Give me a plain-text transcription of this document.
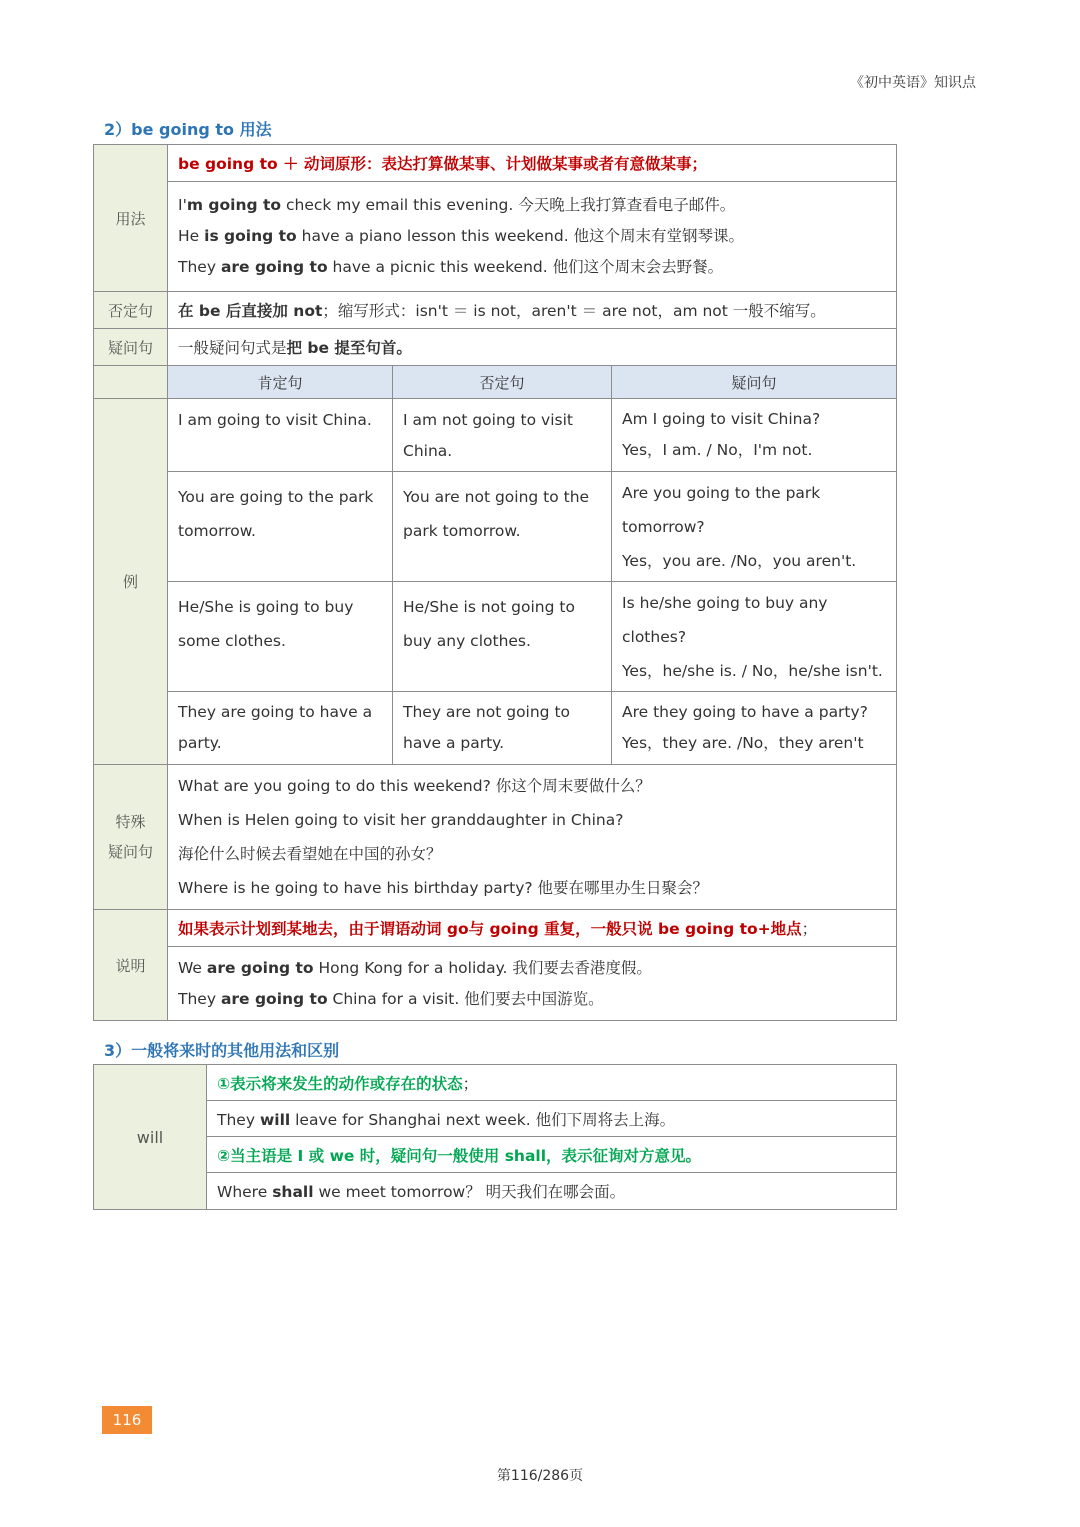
《初中英语》知识点
2）be going to 用法
用法	be going to ＋ 动词原形：表达打算做某事、计划做某事或者有意做某事；		

	I'm going to check my email this evening. 今天晚上我打算查看电子邮件。
He is going to have a piano lesson this weekend. 他这个周末有堂钢琴课。
They are going to have a picnic this weekend. 他们这个周末会去野餐。		

否定句	在 be 后直接加 not；缩写形式：isn't ＝ is not，aren't ＝ are not，am not 一般不缩写。		
疑问句	一般疑问句式是把 be 提至句首。		
	肯定句	否定句	疑问句
例	I am going to visit China.	I am not going to visit China.	Am I going to visit China?
Yes，I am. / No，I'm not.

	You are going to the park tomorrow.	You are not going to the park tomorrow.	Are you going to the park tomorrow?
Yes，you are. /No，you aren't.

	He/She is going to buy some clothes.	He/She is not going to buy any clothes.	Is he/she going to buy any clothes?
Yes，he/she is. / No，he/she isn't.

	They are going to have a party.	They are not going to have a party.	Are they going to have a party?
Yes，they are. /No，they aren't

特殊
疑问句	What are you going to do this weekend? 你这个周末要做什么？
When is Helen going to visit her granddaughter in China?
海伦什么时候去看望她在中国的孙女？
Where is he going to have his birthday party? 他要在哪里办生日聚会？		

说明	如果表示计划到某地去，由于谓语动词 go与 going 重复，一般只说 be going to+地点；		

	We are going to Hong Kong for a holiday. 我们要去香港度假。
They are going to China for a visit. 他们要去中国游览。		
3）一般将来时的其他用法和区别
will	①表示将来发生的动作或存在的状态；
They will leave for Shanghai next week. 他们下周将去上海。
②当主语是 I 或 we 时，疑问句一般使用 shall，表示征询对方意见。
Where shall we meet tomorrow？ 明天我们在哪会面。
116
第116/286页
